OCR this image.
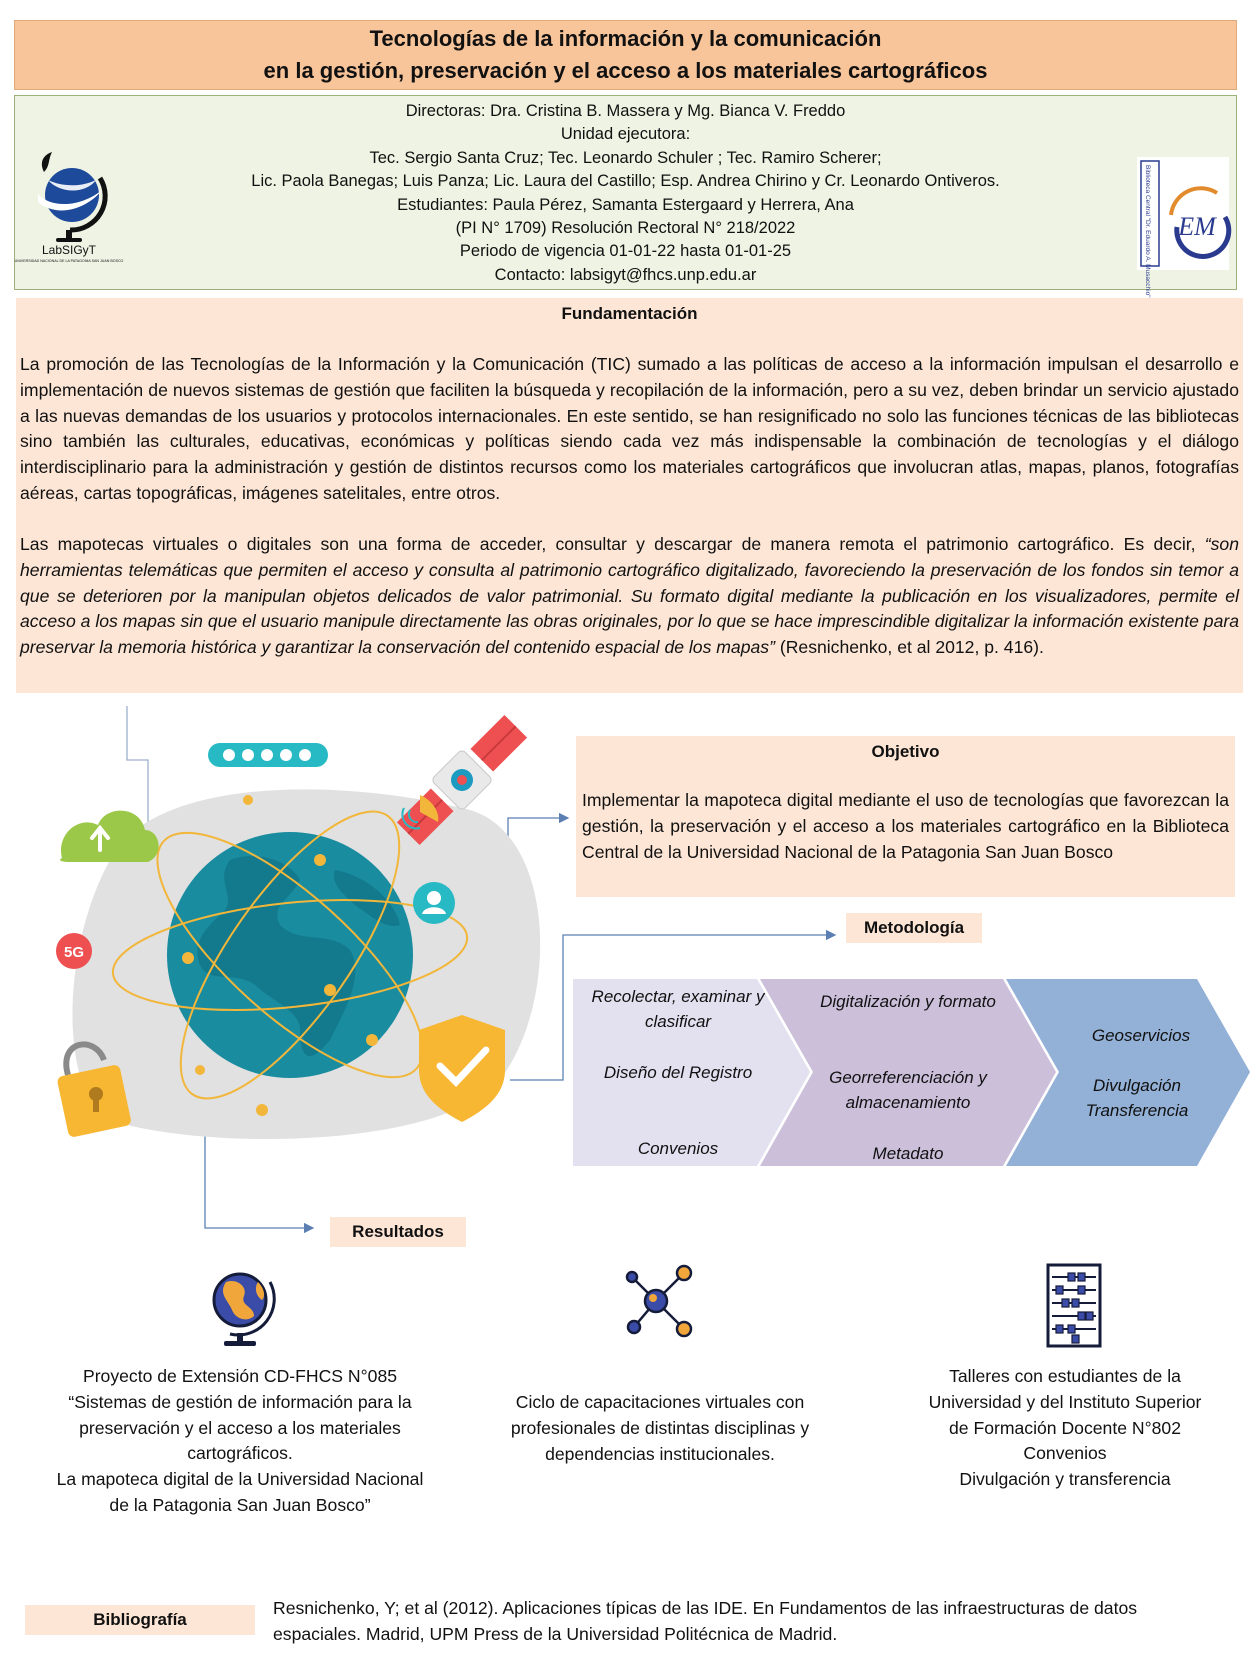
Tecnologías de la información y la comunicación
en la gestión, preservación y el acceso a los materiales cartográficos
Directoras: Dra. Cristina B. Massera y Mg. Bianca V. Freddo
Unidad ejecutora:
Tec. Sergio Santa Cruz; Tec. Leonardo Schuler ; Tec. Ramiro Scherer;
Lic. Paola Banegas; Luis Panza; Lic. Laura del Castillo; Esp. Andrea Chirino y Cr. Leonardo Ontiveros.
Estudiantes: Paula Pérez, Samanta Estergaard y Herrera, Ana
(PI N° 1709) Resolución Rectoral N° 218/2022
Periodo de vigencia 01-01-22 hasta 01-01-25
Contacto: labsigyt@fhcs.unp.edu.ar
LabSIGyT
UNIVERSIDAD NACIONAL DE LA PATAGONIA SAN JUAN BOSCO	Biblioteca Central "Dr. Eduardo A. Musacchio" EM
Fundamentación

La promoción de las Tecnologías de la Información y la Comunicación (TIC) sumado a las políticas de acceso a la información impulsan el desarrollo e implementación de nuevos sistemas de gestión que faciliten la búsqueda y recopilación de la información, pero a su vez, deben brindar un servicio ajustado a las nuevas demandas de los usuarios y protocolos internacionales. En este sentido, se han resignificado no solo las funciones técnicas de las bibliotecas sino también las culturales, educativas, económicas y políticas siendo cada vez más indispensable la combinación de tecnologías y el diálogo interdisciplinario para la administración y gestión de distintos recursos como los materiales cartográficos que involucran atlas, mapas, planos, fotografías aéreas, cartas topográficas, imágenes satelitales, entre otros.

Las mapotecas virtuales o digitales son una forma de acceder, consultar y descargar de manera remota el patrimonio cartográfico. Es decir, “son herramientas telemáticas que permiten el acceso y consulta al patrimonio cartográfico digitalizado, favoreciendo la preservación de los fondos sin temor a que se deterioren por la manipulan objetos delicados de valor patrimonial. Su formato digital mediante la publicación en los visualizadores, permite el acceso a los mapas sin que el usuario manipule directamente las obras originales, por lo que se hace imprescindible digitalizar la información existente para preservar la memoria histórica y garantizar la conservación del contenido espacial de los mapas” (Resnichenko, et al 2012, p. 416).

5G
Objetivo

Implementar la mapoteca digital mediante el uso de tecnologías que favorezcan la gestión, la preservación y el acceso a los materiales cartográfico en la Biblioteca Central de la Universidad Nacional de la Patagonia San Juan Bosco

Metodología
Recolectar, examinar y clasificar
Diseño del Registro
Convenios
Digitalización y formato
Georreferenciación y almacenamiento
Metadato
Geoservicios
Divulgación Transferencia
Resultados
Proyecto de Extensión CD-FHCS N°085
“Sistemas de gestión de información para la
preservación y el acceso a los materiales
cartográficos.
La mapoteca digital de la Universidad Nacional
de la Patagonia San Juan Bosco”
Ciclo de capacitaciones virtuales con
profesionales de distintas disciplinas y
dependencias institucionales.
Talleres con estudiantes de la
Universidad y del Instituto Superior
de Formación Docente N°802
Convenios
Divulgación y transferencia
Bibliografía
Resnichenko, Y; et al (2012). Aplicaciones típicas de las IDE. En Fundamentos de las infraestructuras de datos
espaciales. Madrid, UPM Press de la Universidad Politécnica de Madrid.
